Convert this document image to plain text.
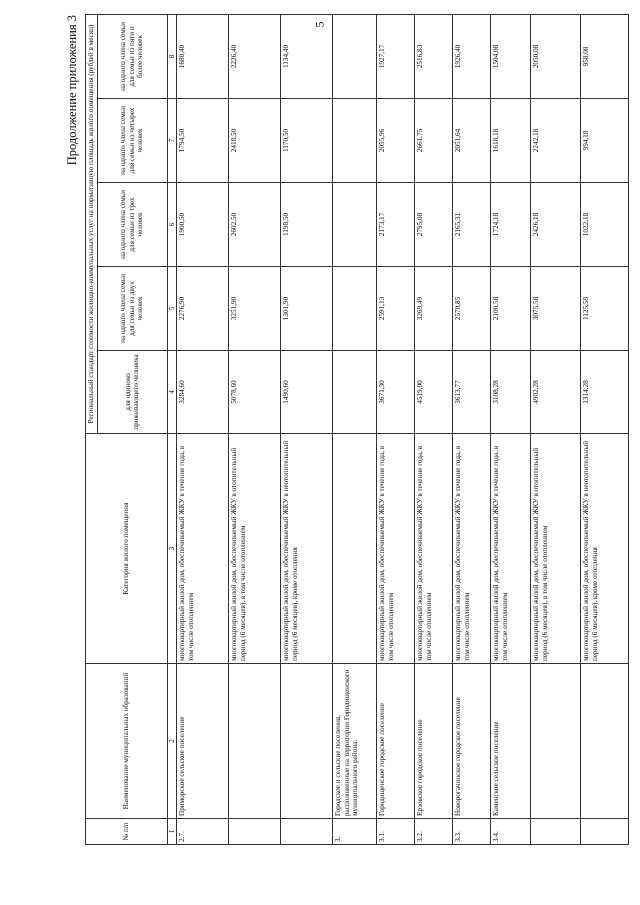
5
Продолжение приложения 3
№ п/п	Наименование муниципальных образований	Категория жилого помещения	Региональный стандарт стоимости жилищно-коммунальных услуг на нормативную площадь жилого помещения (рублей в месяц)				
			для одиноко проживающего человека	на одного члена семьи для семьи из двух человек	на одного члена семьи для семьи из трех человек	на одного члена семьи для семьи из четырех человек	на одного члена семьи для семьи из пяти и более человек
1	2	3	4	5	6	7	8
2.7.	Приморское сельское поселение	многоквартирный жилой дом, обеспечиваемый ЖКУ в течение года, в том числе отоплением	3284,60	2276,90	1900,50	1794,50	1680,40
		многоквартирный жилой дом, обеспечиваемый ЖКУ в отопительный период (6 месяцев), в том числе отоплением	5078,60	3251,90	2602,50	2418,50	2226,40
		многоквартирный жилой дом, обеспечиваемый ЖКУ в неотопительный период (6 месяцев), кроме отопления	1490,60	1301,90	1198,50	1170,50	1134,40
3.	Городское и сельские поселения, расположенные на территории Городищенского муниципального района:						
3.1.	Городищенское городское поселение	многоквартирный жилой дом, обеспечиваемый ЖКУ в течение года, в том числе отоплением	3671,30	2591,13	2173,17	2055,96	1927,17
3.2.	Ерзовское городское поселение	многоквартирный жилой дом, обеспечиваемый ЖКУ в течение года, в том числе отоплением	4519,00	3269,49	2795,08	2661,75	2516,83
3.3.	Новорогачинское городское поселение	многоквартирный жилой дом, обеспечиваемый ЖКУ в течение года, в том числе отоплением	3613,77	2570,85	2165,31	2051,64	1926,40
3.4.	Каменское сельское поселение	многоквартирный жилой дом, обеспечиваемый ЖКУ в течение года, в том числе отоплением	3108,28	2100,58	1724,18	1618,18	1504,08
		многоквартирный жилой дом, обеспечиваемый ЖКУ в отопительный период (6 месяцев), в том числе отоплением	4902,28	3075,58	2426,18	2242,18	2050,08
		многоквартирный жилой дом, обеспечиваемый ЖКУ в неотопительный период (6 месяцев), кроме отопления	1314,28	1125,58	1022,18	994,18	958,08
